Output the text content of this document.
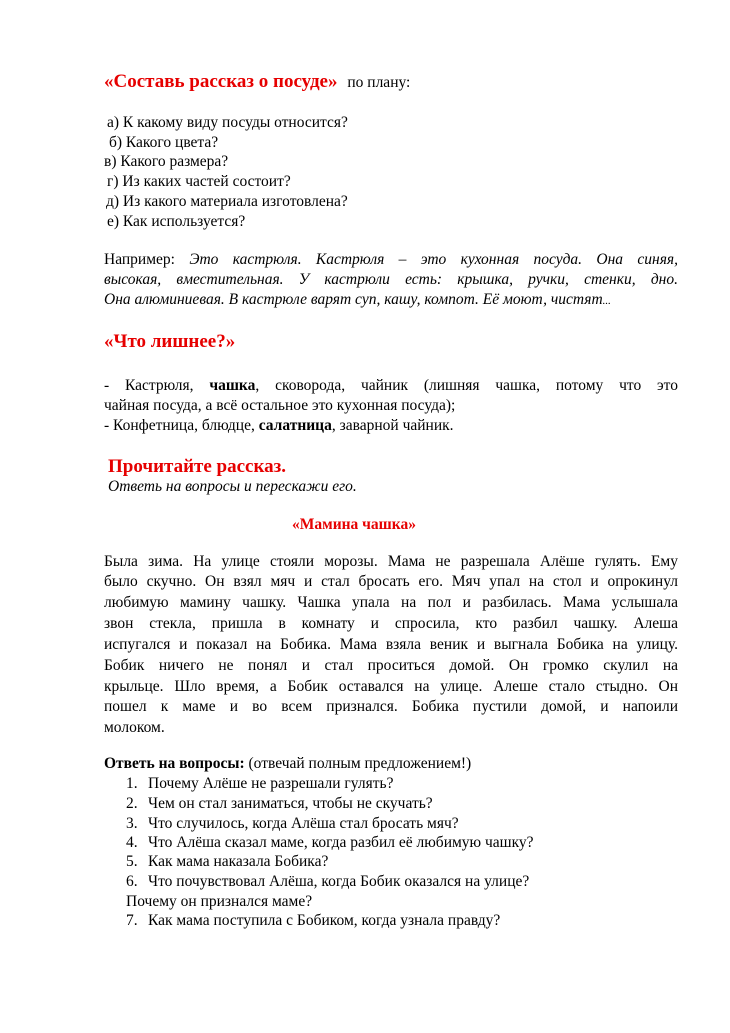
«Составь рассказ о посуде» по плану:
а) К какому виду посуды относится?
б) Какого цвета?
в) Какого размера?
г) Из каких частей состоит?
д) Из какого материала изготовлена?
е) Как используется?
Например: Это кастрюля. Кастрюля – это кухонная посуда. Она синяя,
высокая, вместительная. У кастрюли есть: крышка, ручки, стенки, дно.
Она алюминиевая. В кастрюле варят суп, кашу, компот. Её моют, чистят...
«Что лишнее?»
- Кастрюля, чашка, сковорода, чайник (лишняя чашка, потому что это
чайная посуда, а всё остальное это кухонная посуда);
- Конфетница, блюдце, салатница, заварной чайник.
Прочитайте рассказ.
Ответь на вопросы и перескажи его.
«Мамина чашка»
Была зима. На улице стояли морозы. Мама не разрешала Алёше гулять. Ему
было скучно. Он взял мяч и стал бросать его. Мяч упал на стол и опрокинул
любимую мамину чашку. Чашка упала на пол и разбилась. Мама услышала
звон стекла, пришла в комнату и спросила, кто разбил чашку. Алеша
испугался и показал на Бобика. Мама взяла веник и выгнала Бобика на улицу.
Бобик ничего не понял и стал проситься домой. Он громко скулил на
крыльце. Шло время, а Бобик оставался на улице. Алеше стало стыдно. Он
пошел к маме и во всем признался. Бобика пустили домой, и напоили
молоком.
Ответь на вопросы: (отвечай полным предложением!)
1. Почему Алёше не разрешали гулять?
2. Чем он стал заниматься, чтобы не скучать?
3. Что случилось, когда Алёша стал бросать мяч?
4. Что Алёша сказал маме, когда разбил её любимую чашку?
5. Как мама наказала Бобика?
6. Что почувствовал Алёша, когда Бобик оказался на улице?
Почему он признался маме?
7. Как мама поступила с Бобиком, когда узнала правду?
